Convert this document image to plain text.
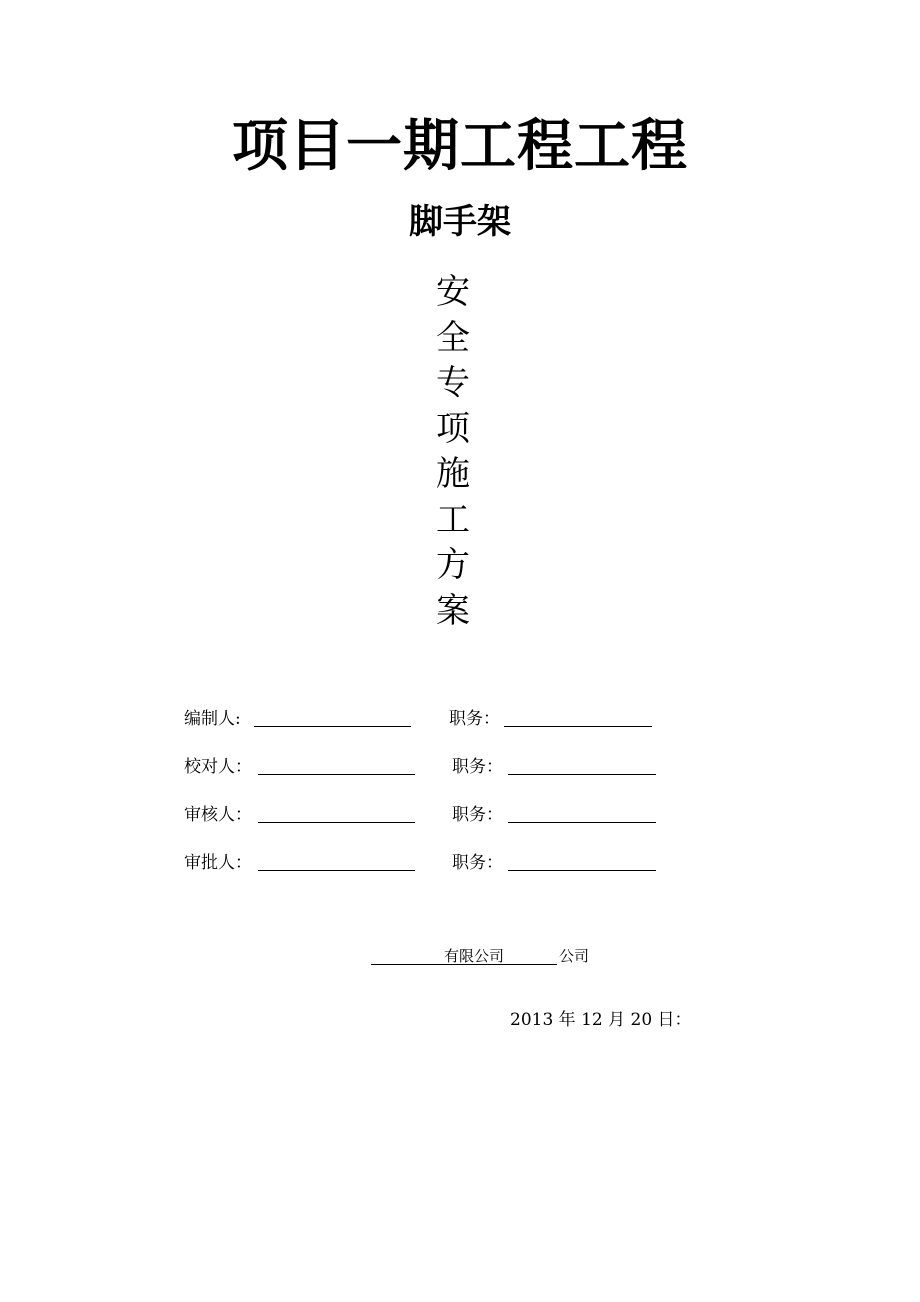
项目一期工程工程
脚手架
安
全
专
项
施
工
方
案
编制人:	职务：
校对人：	职务：
审核人：	职务：
审批人：	职务：
有限公司	公司
2013 年 12 月 20 日：
